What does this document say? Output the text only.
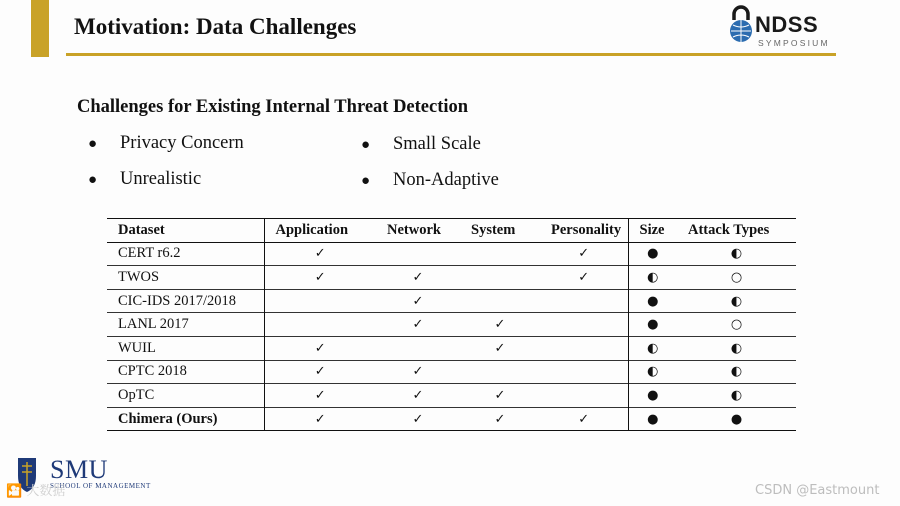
Motivation: Data Challenges	NDSS
SYMPOSIUM
Challenges for Existing Internal Threat Detection
● Privacy Concern	● Small Scale
● Unrealistic	● Non-Adaptive
Dataset	Application	Network	System	Personality	Size	Attack Types
CERT r6.2	✓			✓	●	◐
TWOS	✓	✓		✓	◐	○
CIC-IDS 2017/2018		✓			●	◐
LANL 2017		✓	✓		●	○
WUIL	✓		✓		◐	◐
CPTC 2018	✓	✓			◐	◐
OpTC	✓	✓	✓		●	◐
Chimera (Ours)	✓	✓	✓	✓	●	●
SMU
SCHOOL OF MANAGEMENT
🎦 大数据	CSDN @Eastmount
